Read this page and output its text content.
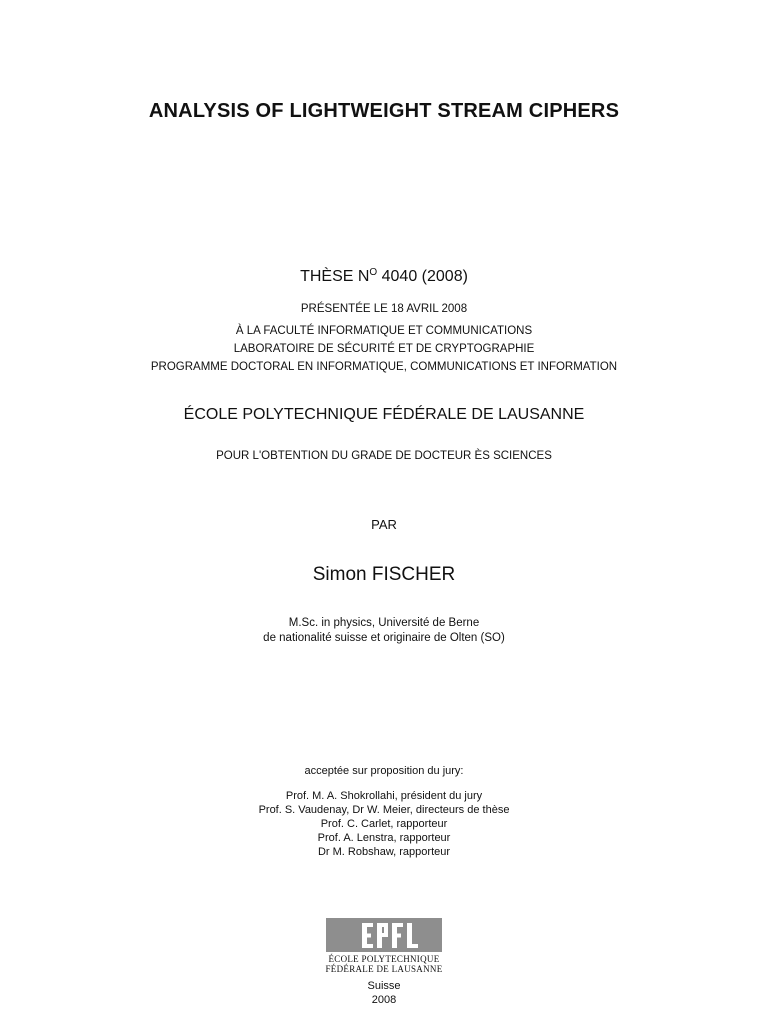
ANALYSIS OF LIGHTWEIGHT STREAM CIPHERS
THÈSE $N^O$ 4040 (2008)
PRÉSENTÉE LE 18 AVRIL 2008
À LA FACULTÉ INFORMATIQUE ET COMMUNICATIONS
LABORATOIRE DE SÉCURITÉ ET DE CRYPTOGRAPHIE
PROGRAMME DOCTORAL EN INFORMATIQUE, COMMUNICATIONS ET INFORMATION
ÉCOLE POLYTECHNIQUE FÉDÉRALE DE LAUSANNE
POUR L'OBTENTION DU GRADE DE DOCTEUR ÈS SCIENCES
PAR
Simon FISCHER
M.Sc. in physics, Université de Berne
de nationalité suisse et originaire de Olten (SO)
acceptée sur proposition du jury:
Prof. M. A. Shokrollahi, président du jury
Prof. S. Vaudenay, Dr W. Meier, directeurs de thèse
Prof. C. Carlet, rapporteur
Prof. A. Lenstra, rapporteur
Dr M. Robshaw, rapporteur
ÉCOLE POLYTECHNIQUE
FÉDÉRALE DE LAUSANNE
Suisse
2008
